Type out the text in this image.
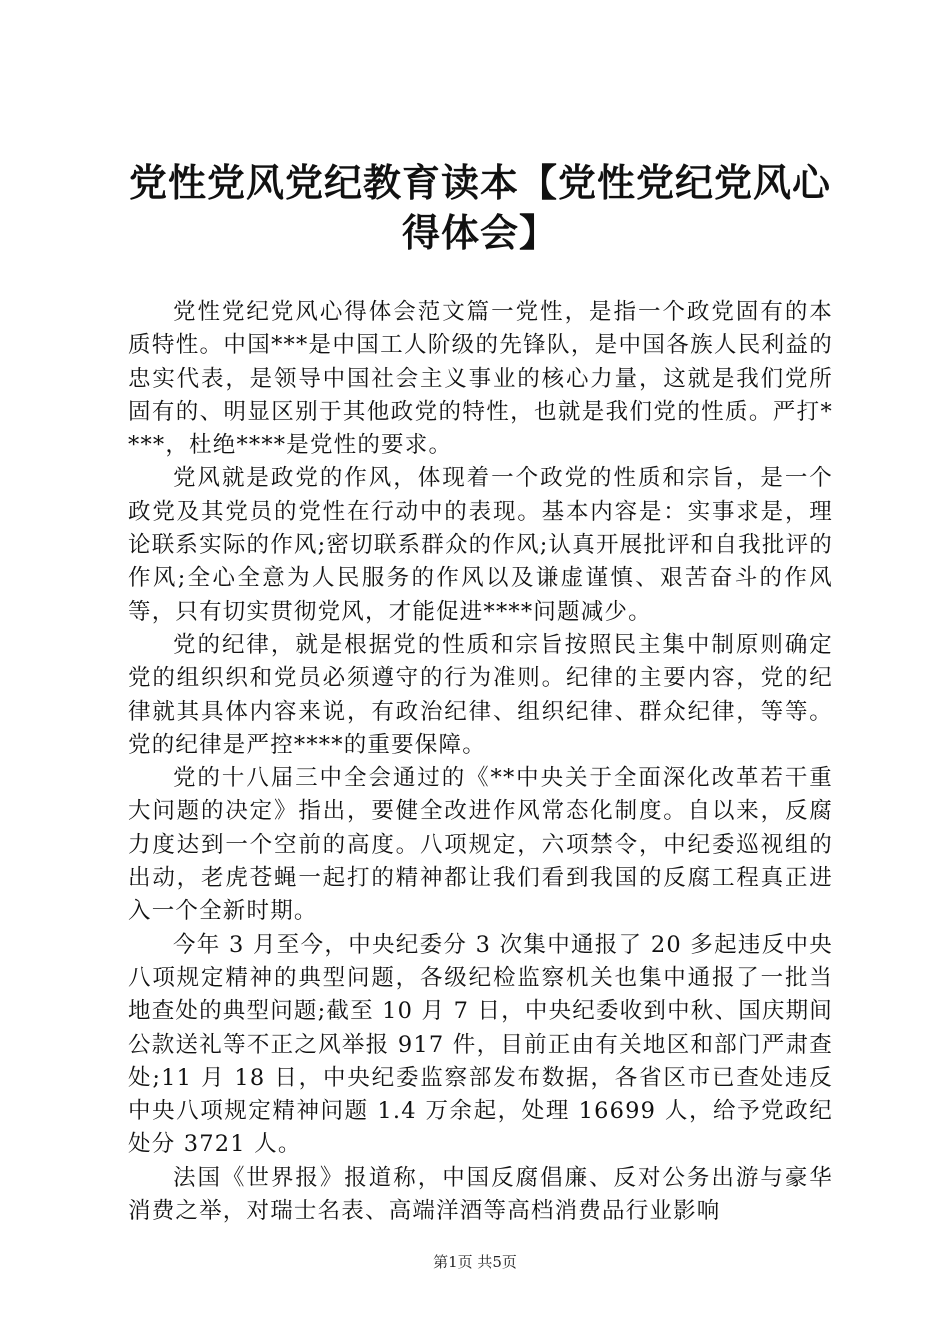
党性党风党纪教育读本【党性党纪党风心得体会】

党性党纪党风心得体会范文篇一党性，是指一个政党固有的本质特性。中国***是中国工人阶级的先锋队，是中国各族人民利益的忠实代表，是领导中国社会主义事业的核心力量，这就是我们党所固有的、明显区别于其他政党的特性，也就是我们党的性质。严打****，杜绝****是党性的要求。

党风就是政党的作风，体现着一个政党的性质和宗旨，是一个政党及其党员的党性在行动中的表现。基本内容是：实事求是，理论联系实际的作风;密切联系群众的作风;认真开展批评和自我批评的作风;全心全意为人民服务的作风以及谦虚谨慎、艰苦奋斗的作风等，只有切实贯彻党风，才能促进****问题减少。

党的纪律，就是根据党的性质和宗旨按照民主集中制原则确定党的组织织和党员必须遵守的行为准则。纪律的主要内容，党的纪律就其具体内容来说，有政治纪律、组织纪律、群众纪律，等等。党的纪律是严控****的重要保障。

党的十八届三中全会通过的《**中央关于全面深化改革若干重大问题的决定》指出，要健全改进作风常态化制度。自以来，反腐力度达到一个空前的高度。八项规定，六项禁令，中纪委巡视组的出动，老虎苍蝇一起打的精神都让我们看到我国的反腐工程真正进入一个全新时期。

今年 3 月至今，中央纪委分 3 次集中通报了 20 多起违反中央八项规定精神的典型问题，各级纪检监察机关也集中通报了一批当地查处的典型问题;截至 10 月 7 日，中央纪委收到中秋、国庆期间公款送礼等不正之风举报 917 件，目前正由有关地区和部门严肃查处;11 月 18 日，中央纪委监察部发布数据，各省区市已查处违反中央八项规定精神问题 1.4 万余起，处理 16699 人，给予党政纪处分 3721 人。

法国《世界报》报道称，中国反腐倡廉、反对公务出游与豪华消费之举，对瑞士名表、高端洋酒等高档消费品行业影响

第1页 共5页
